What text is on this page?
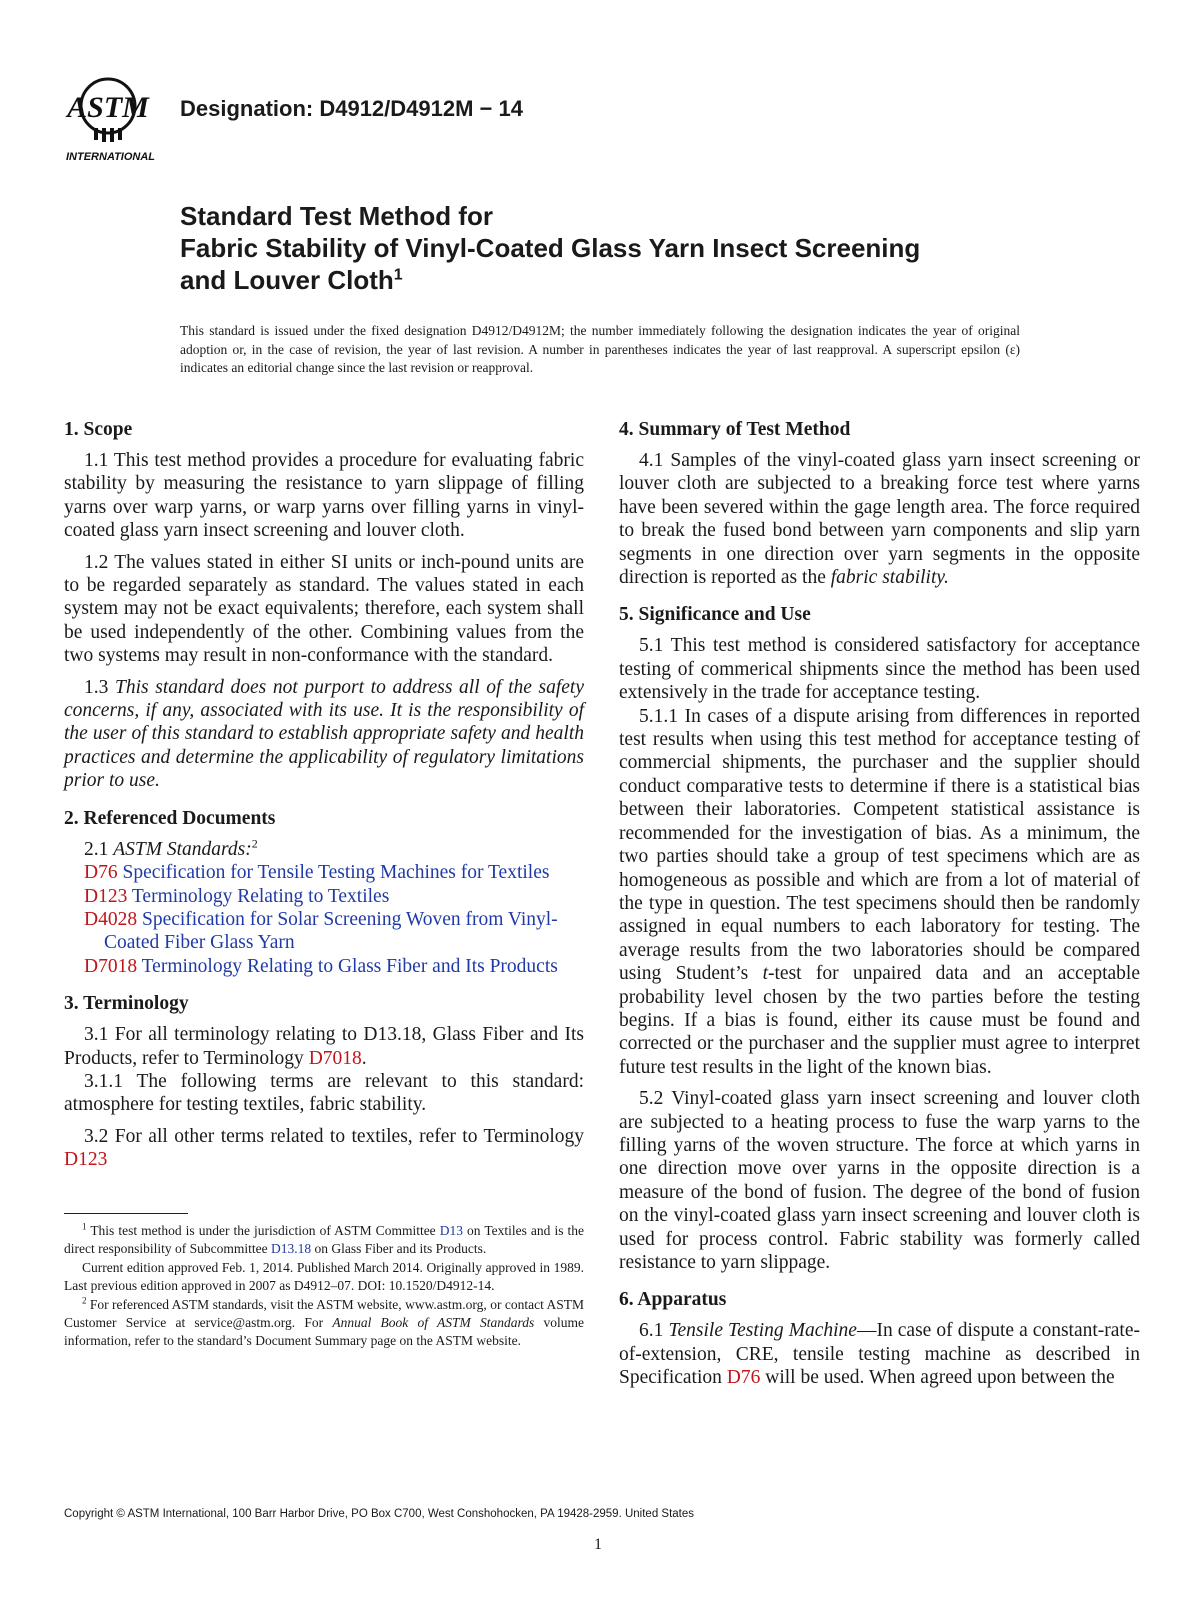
ASTM
INTERNATIONAL
Designation: D4912/D4912M − 14
Standard Test Method for
Fabric Stability of Vinyl-Coated Glass Yarn Insect Screening
and Louver Cloth$^1$
This standard is issued under the fixed designation D4912/D4912M; the number immediately following the designation indicates the year of original adoption or, in the case of revision, the year of last revision. A number in parentheses indicates the year of last reapproval. A superscript epsilon (ε) indicates an editorial change since the last revision or reapproval.
1. Scope

1.1 This test method provides a procedure for evaluating fabric stability by measuring the resistance to yarn slippage of filling yarns over warp yarns, or warp yarns over filling yarns in vinyl-coated glass yarn insect screening and louver cloth.

1.2 The values stated in either SI units or inch-pound units are to be regarded separately as standard. The values stated in each system may not be exact equivalents; therefore, each system shall be used independently of the other. Combining values from the two systems may result in non-conformance with the standard.

1.3 This standard does not purport to address all of the safety concerns, if any, associated with its use. It is the responsibility of the user of this standard to establish appropriate safety and health practices and determine the applicability of regulatory limitations prior to use.

2. Referenced Documents

2.1 ASTM Standards:$^2$

D76 Specification for Tensile Testing Machines for Textiles
D123 Terminology Relating to Textiles
D4028 Specification for Solar Screening Woven from Vinyl-Coated Fiber Glass Yarn
D7018 Terminology Relating to Glass Fiber and Its Products
3. Terminology

3.1 For all terminology relating to D13.18, Glass Fiber and Its Products, refer to Terminology D7018.

3.1.1 The following terms are relevant to this standard: atmosphere for testing textiles, fabric stability.

3.2 For all other terms related to textiles, refer to Terminology D123

$^1$ This test method is under the jurisdiction of ASTM Committee D13 on Textiles and is the direct responsibility of Subcommittee D13.18 on Glass Fiber and its Products.

Current edition approved Feb. 1, 2014. Published March 2014. Originally approved in 1989. Last previous edition approved in 2007 as D4912–07. DOI: 10.1520/D4912-14.

$^2$ For referenced ASTM standards, visit the ASTM website, www.astm.org, or contact ASTM Customer Service at service@astm.org. For Annual Book of ASTM Standards volume information, refer to the standard’s Document Summary page on the ASTM website.

4. Summary of Test Method

4.1 Samples of the vinyl-coated glass yarn insect screening or louver cloth are subjected to a breaking force test where yarns have been severed within the gage length area. The force required to break the fused bond between yarn components and slip yarn segments in one direction over yarn segments in the opposite direction is reported as the fabric stability.

5. Significance and Use

5.1 This test method is considered satisfactory for acceptance testing of commerical shipments since the method has been used extensively in the trade for acceptance testing.

5.1.1 In cases of a dispute arising from differences in reported test results when using this test method for acceptance testing of commercial shipments, the purchaser and the supplier should conduct comparative tests to determine if there is a statistical bias between their laboratories. Competent statistical assistance is recommended for the investigation of bias. As a minimum, the two parties should take a group of test specimens which are as homogeneous as possible and which are from a lot of material of the type in question. The test specimens should then be randomly assigned in equal numbers to each laboratory for testing. The average results from the two laboratories should be compared using Student’s t-test for unpaired data and an acceptable probability level chosen by the two parties before the testing begins. If a bias is found, either its cause must be found and corrected or the purchaser and the supplier must agree to interpret future test results in the light of the known bias.

5.2 Vinyl-coated glass yarn insect screening and louver cloth are subjected to a heating process to fuse the warp yarns to the filling yarns of the woven structure. The force at which yarns in one direction move over yarns in the opposite direction is a measure of the bond of fusion. The degree of the bond of fusion on the vinyl-coated glass yarn insect screening and louver cloth is used for process control. Fabric stability was formerly called resistance to yarn slippage.

6. Apparatus

6.1 Tensile Testing Machine—In case of dispute a constant-rate-of-extension, CRE, tensile testing machine as described in Specification D76 will be used. When agreed upon between the

Copyright © ASTM International, 100 Barr Harbor Drive, PO Box C700, West Conshohocken, PA 19428-2959. United States
1
